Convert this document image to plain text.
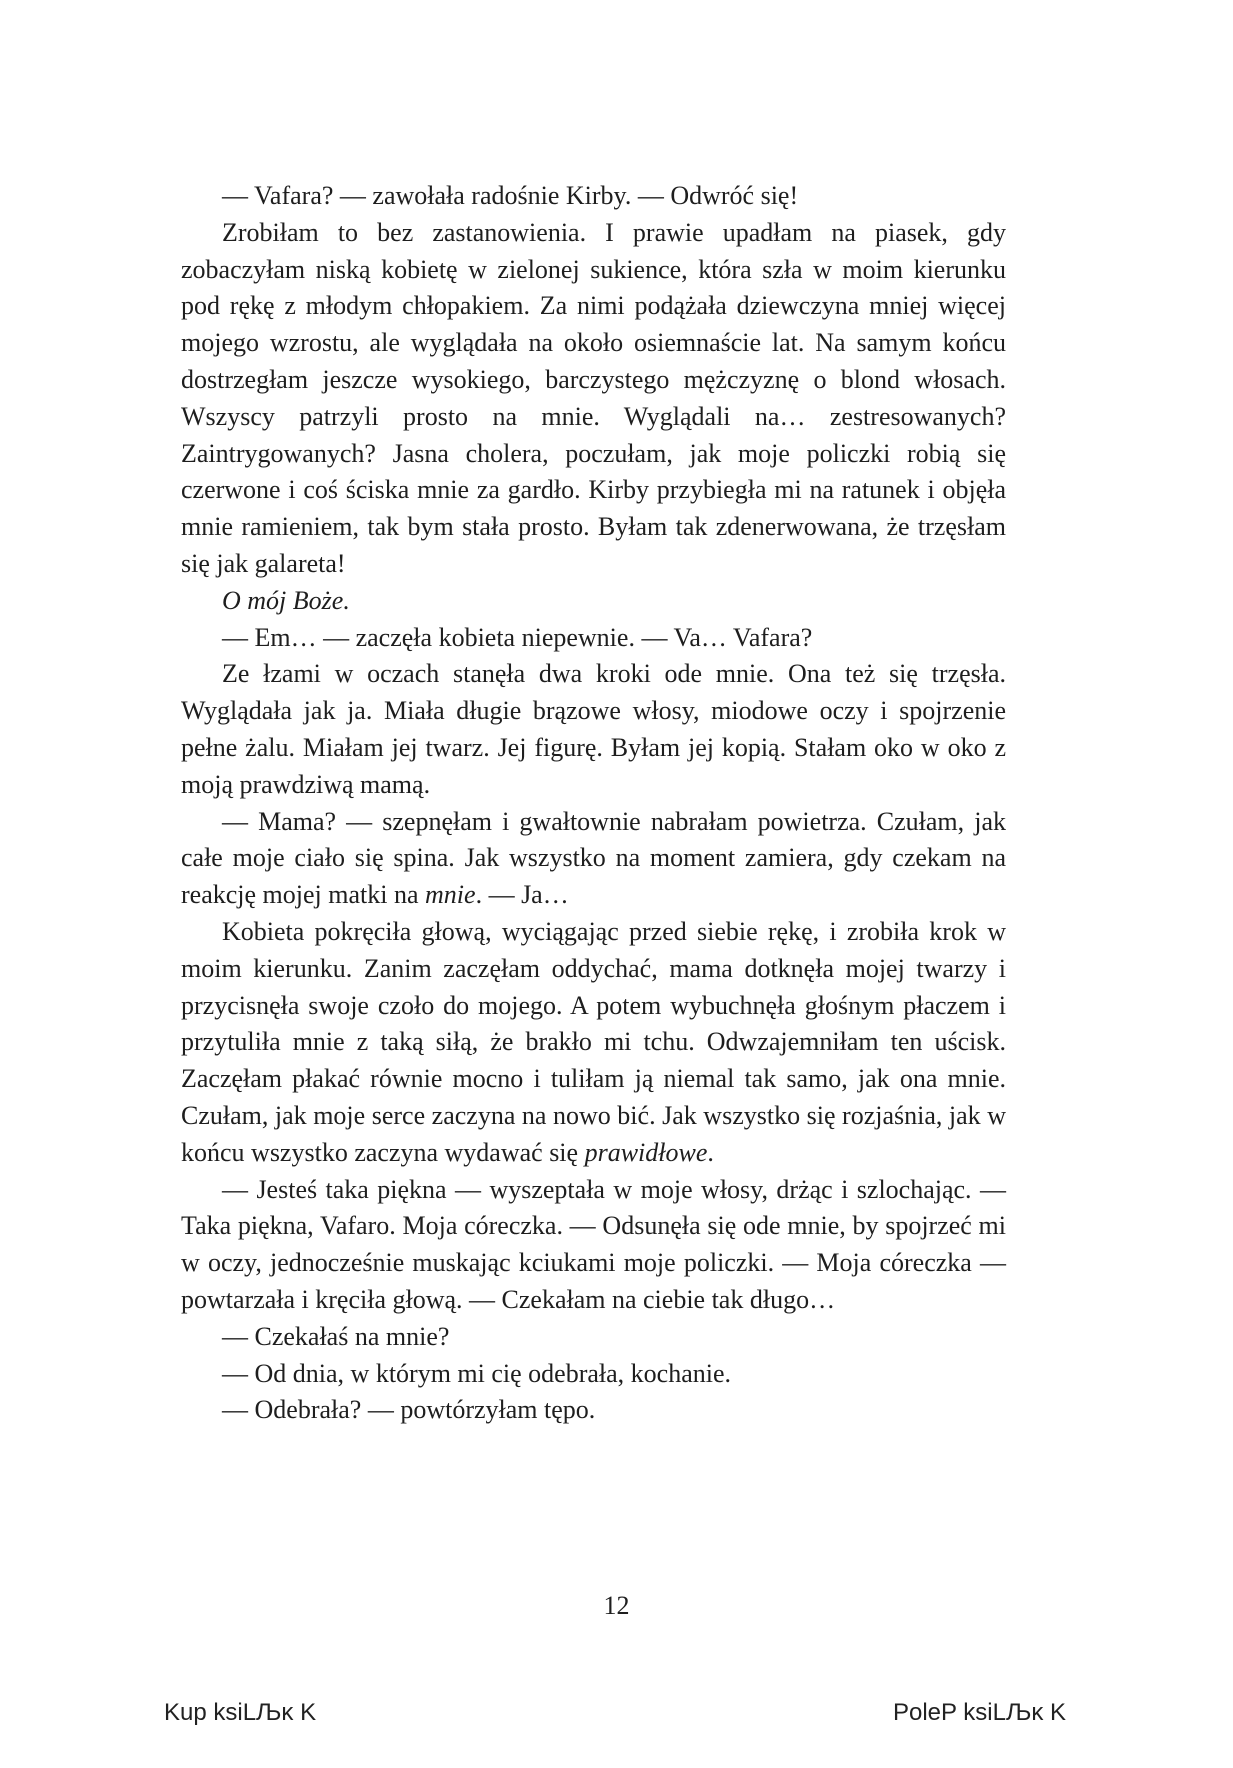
— Vafara? — zawołała radośnie Kirby. — Odwróć się!

Zrobiłam to bez zastanowienia. I prawie upadłam na piasek, gdy zobaczyłam niską kobietę w zielonej sukience, która szła w moim kierunku pod rękę z młodym chłopakiem. Za nimi podążała dziewczyna mniej więcej mojego wzrostu, ale wyglądała na około osiemnaście lat. Na samym końcu dostrzegłam jeszcze wysokiego, barczystego mężczyznę o blond włosach. Wszyscy patrzyli prosto na mnie. Wyglądali na… zestresowanych? Zaintrygowanych? Jasna cholera, poczułam, jak moje policzki robią się czerwone i coś ściska mnie za gardło. Kirby przybiegła mi na ratunek i objęła mnie ramieniem, tak bym stała prosto. Byłam tak zdenerwowana, że trzęsłam się jak galareta!

O mój Boże.

— Em… — zaczęła kobieta niepewnie. — Va… Vafara?

Ze łzami w oczach stanęła dwa kroki ode mnie. Ona też się trzęsła. Wyglądała jak ja. Miała długie brązowe włosy, miodowe oczy i spojrzenie pełne żalu. Miałam jej twarz. Jej figurę. Byłam jej kopią. Stałam oko w oko z moją prawdziwą mamą.

— Mama? — szepnęłam i gwałtownie nabrałam powietrza. Czułam, jak całe moje ciało się spina. Jak wszystko na moment zamiera, gdy czekam na reakcję mojej matki na mnie. — Ja…

Kobieta pokręciła głową, wyciągając przed siebie rękę, i zrobiła krok w moim kierunku. Zanim zaczęłam oddychać, mama dotknęła mojej twarzy i przycisnęła swoje czoło do mojego. A potem wybuchnęła głośnym płaczem i przytuliła mnie z taką siłą, że brakło mi tchu. Odwzajemniłam ten uścisk. Zaczęłam płakać równie mocno i tuliłam ją niemal tak samo, jak ona mnie. Czułam, jak moje serce zaczyna na nowo bić. Jak wszystko się rozjaśnia, jak w końcu wszystko zaczyna wydawać się prawidłowe.

— Jesteś taka piękna — wyszeptała w moje włosy, drżąc i szlochając. — Taka piękna, Vafaro. Moja córeczka. — Odsunęła się ode mnie, by spojrzeć mi w oczy, jednocześnie muskając kciukami moje policzki. — Moja córeczka — powtarzała i kręciła głową. — Czekałam na ciebie tak długo…

— Czekałaś na mnie?

— Od dnia, w którym mi cię odebrała, kochanie.

— Odebrała? — powtórzyłam tępo.

12
Kup ksiLЉĸ K	PoleP ksiLЉĸ K
